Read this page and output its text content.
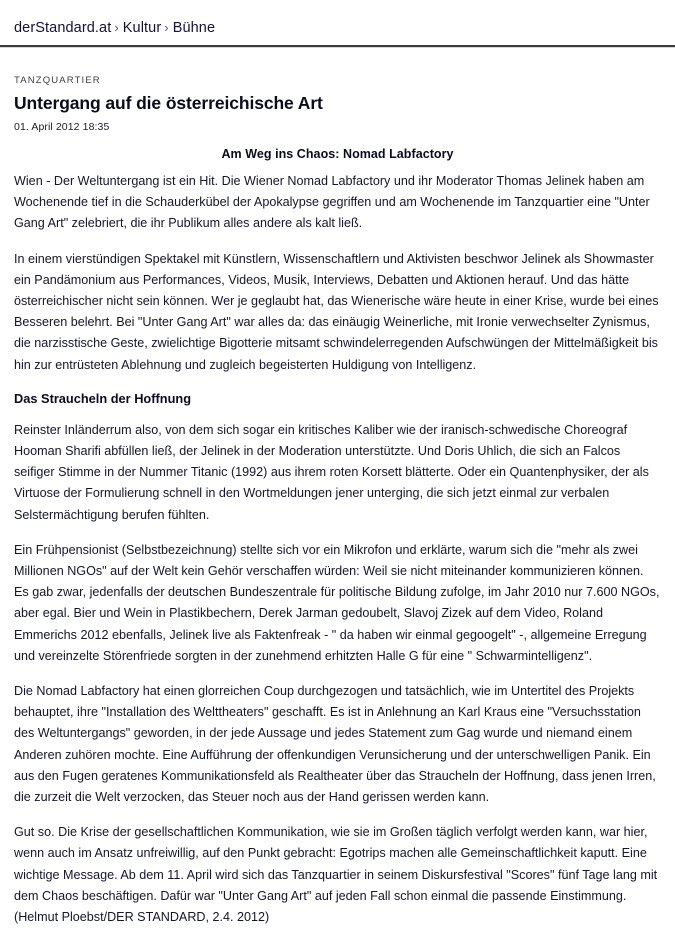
derStandard.at › Kultur › Bühne
TANZQUARTIER
Untergang auf die österreichische Art
01. April 2012 18:35
Am Weg ins Chaos: Nomad Labfactory

Wien - Der Weltuntergang ist ein Hit. Die Wiener Nomad Labfactory und ihr Moderator Thomas Jelinek haben am Wochenende tief in die Schauderkübel der Apokalypse gegriffen und am Wochenende im Tanzquartier eine "Unter Gang Art" zelebriert, die ihr Publikum alles andere als kalt ließ.

In einem vierstündigen Spektakel mit Künstlern, Wissenschaftlern und Aktivisten beschwor Jelinek als Showmaster ein Pandämonium aus Performances, Videos, Musik, Interviews, Debatten und Aktionen herauf. Und das hätte österreichischer nicht sein können. Wer je geglaubt hat, das Wienerische wäre heute in einer Krise, wurde bei eines Besseren belehrt. Bei "Unter Gang Art" war alles da: das einäugig Weinerliche, mit Ironie verwechselter Zynismus, die narzisstische Geste, zwielichtige Bigotterie mitsamt schwindelerregenden Aufschwüngen der Mittelmäßigkeit bis hin zur entrüsteten Ablehnung und zugleich begeisterten Huldigung von Intelligenz.

Das Straucheln der Hoffnung

Reinster Inländerrum also, von dem sich sogar ein kritisches Kaliber wie der iranisch-schwedische Choreograf Hooman Sharifi abfüllen ließ, der Jelinek in der Moderation unterstützte. Und Doris Uhlich, die sich an Falcos seifiger Stimme in der Nummer Titanic (1992) aus ihrem roten Korsett blätterte. Oder ein Quantenphysiker, der als Virtuose der Formulierung schnell in den Wortmeldungen jener unterging, die sich jetzt einmal zur verbalen Selstermächtigung berufen fühlten.

Ein Frühpensionist (Selbstbezeichnung) stellte sich vor ein Mikrofon und erklärte, warum sich die "mehr als zwei Millionen NGOs" auf der Welt kein Gehör verschaffen würden: Weil sie nicht miteinander kommunizieren können. Es gab zwar, jedenfalls der deutschen Bundeszentrale für politische Bildung zufolge, im Jahr 2010 nur 7.600 NGOs, aber egal. Bier und Wein in Plastikbechern, Derek Jarman gedoubelt, Slavoj Zizek auf dem Video, Roland Emmerichs 2012 ebenfalls, Jelinek live als Faktenfreak - " da haben wir einmal gegoogelt" -, allgemeine Erregung und vereinzelte Störenfriede sorgten in der zunehmend erhitzten Halle G für eine " Schwarmintelligenz".

Die Nomad Labfactory hat einen glorreichen Coup durchgezogen und tatsächlich, wie im Untertitel des Projekts behauptet, ihre "Installation des Welttheaters" geschafft. Es ist in Anlehnung an Karl Kraus eine "Versuchsstation des Weltuntergangs" geworden, in der jede Aussage und jedes Statement zum Gag wurde und niemand einem Anderen zuhören mochte. Eine Aufführung der offenkundigen Verunsicherung und der unterschwelligen Panik. Ein aus den Fugen geratenes Kommunikationsfeld als Realtheater über das Straucheln der Hoffnung, dass jenen Irren, die zurzeit die Welt verzocken, das Steuer noch aus der Hand gerissen werden kann.

Gut so. Die Krise der gesellschaftlichen Kommunikation, wie sie im Großen täglich verfolgt werden kann, war hier, wenn auch im Ansatz unfreiwillig, auf den Punkt gebracht: Egotrips machen alle Gemeinschaftlichkeit kaputt. Eine wichtige Message. Ab dem 11. April wird sich das Tanzquartier in seinem Diskursfestival "Scores" fünf Tage lang mit dem Chaos beschäftigen. Dafür war "Unter Gang Art" auf jeden Fall schon einmal die passende Einstimmung. (Helmut Ploebst/DER STANDARD, 2.4. 2012)
